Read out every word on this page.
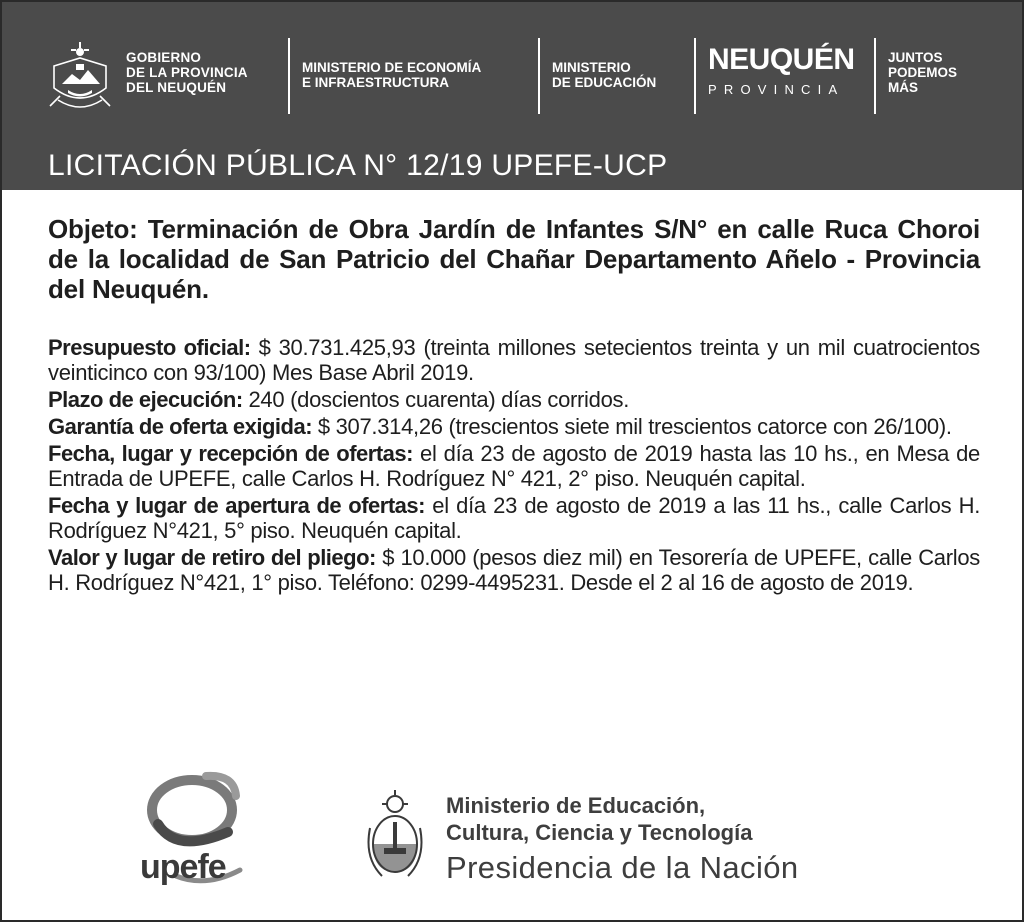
GOBIERNO
DE LA PROVINCIA
DEL NEUQUÉN
MINISTERIO DE ECONOMÍA
E INFRAESTRUCTURA
MINISTERIO
DE EDUCACIÓN
NEUQUÉN
PROVINCIA
JUNTOS
PODEMOS
MÁS
LICITACIÓN PÚBLICA N° 12/19 UPEFE-UCP
Objeto: Terminación de Obra Jardín de Infantes S/N° en calle Ruca Choroi de la localidad de San Patricio del Chañar Departamento Añelo - Provincia del Neuquén.

Presupuesto oficial: $ 30.731.425,93 (treinta millones setecientos treinta y un mil cuatrocientos veinticinco con 93/100) Mes Base Abril 2019.

Plazo de ejecución: 240 (doscientos cuarenta) días corridos.

Garantía de oferta exigida: $ 307.314,26 (trescientos siete mil trescientos catorce con 26/100).

Fecha, lugar y recepción de ofertas: el día 23 de agosto de 2019 hasta las 10 hs., en Mesa de Entrada de UPEFE, calle Carlos H. Rodríguez N° 421, 2° piso. Neuquén capital.

Fecha y lugar de apertura de ofertas: el día 23 de agosto de 2019 a las 11 hs., calle Carlos H. Rodríguez N°421, 5° piso. Neuquén capital.

Valor y lugar de retiro del pliego: $ 10.000 (pesos diez mil) en Tesorería de UPEFE, calle Carlos H. Rodríguez N°421, 1° piso. Teléfono: 0299-4495231. Desde el 2 al 16 de agosto de 2019.

upefe
Ministerio de Educación,
Cultura, Ciencia y Tecnología
Presidencia de la Nación
